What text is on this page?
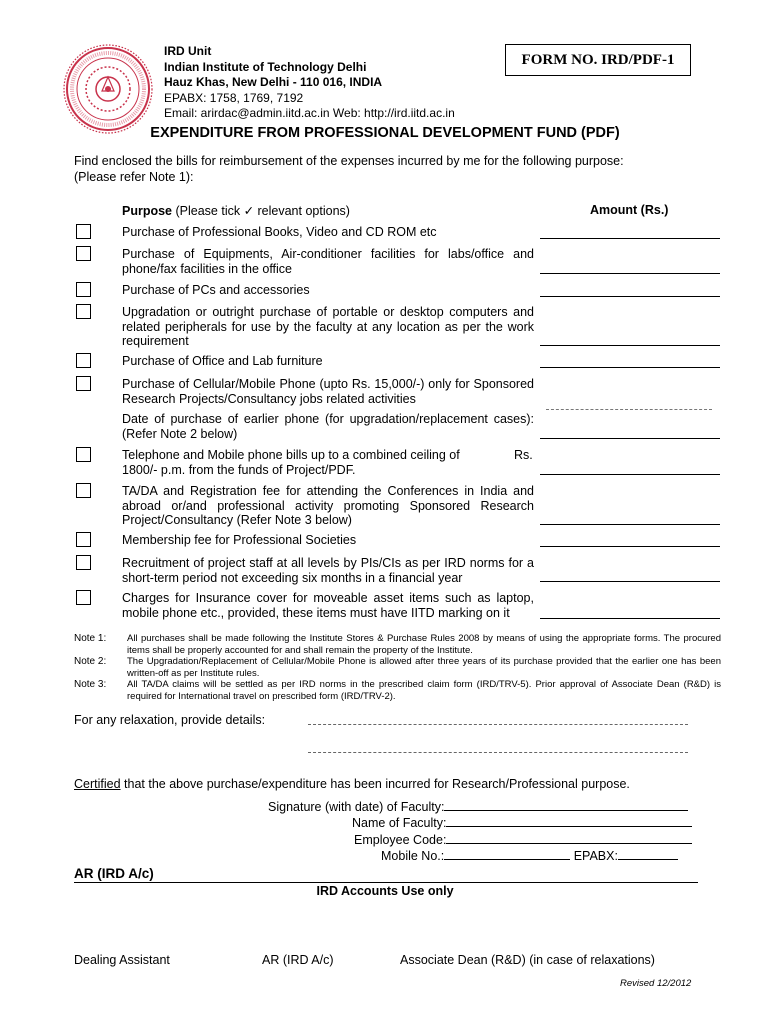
IRD Unit
Indian Institute of Technology Delhi
Hauz Khas, New Delhi - 110 016, INDIA
EPABX: 1758, 1769, 7192
Email: arirdac@admin.iitd.ac.in Web: http://ird.iitd.ac.in
FORM NO. IRD/PDF-1
EXPENDITURE FROM PROFESSIONAL DEVELOPMENT FUND (PDF)
Find enclosed the bills for reimbursement of the expenses incurred by me for the following purpose:
(Please refer Note 1):
Purpose (Please tick ✓ relevant options)	Amount (Rs.)
Purchase of Professional Books, Video and CD ROM etc
Purchase of Equipments, Air-conditioner facilities for labs/office and phone/fax facilities in the office
Purchase of PCs and accessories
Upgradation or outright purchase of portable or desktop computers and related peripherals for use by the faculty at any location as per the work requirement
Purchase of Office and Lab furniture
Purchase of Cellular/Mobile Phone (upto Rs. 15,000/-) only for Sponsored Research Projects/Consultancy jobs related activities
Date of purchase of earlier phone (for upgradation/replacement cases): (Refer Note 2 below)
Telephone and Mobile phone bills up to a combined ceiling of	Rs.
1800/- p.m. from the funds of Project/PDF.
TA/DA and Registration fee for attending the Conferences in India and abroad or/and professional activity promoting Sponsored Research Project/Consultancy (Refer Note 3 below)
Membership fee for Professional Societies
Recruitment of project staff at all levels by PIs/CIs as per IRD norms for a short-term period not exceeding six months in a financial year
Charges for Insurance cover for moveable asset items such as laptop, mobile phone etc., provided, these items must have IITD marking on it
Note 1: All purchases shall be made following the Institute Stores & Purchase Rules 2008 by means of using the appropriate forms. The procured items shall be properly accounted for and shall remain the property of the Institute.
Note 2: The Upgradation/Replacement of Cellular/Mobile Phone is allowed after three years of its purchase provided that the earlier one has been written-off as per Institute rules.
Note 3: All TA/DA claims will be settled as per IRD norms in the prescribed claim form (IRD/TRV-5). Prior approval of Associate Dean (R&D) is required for International travel on prescribed form (IRD/TRV-2).
For any relaxation, provide details:
Certified that the above purchase/expenditure has been incurred for Research/Professional purpose.
Signature (with date) of Faculty:
Name of Faculty:
Employee Code:
Mobile No.:	EPABX:
AR (IRD A/c)
IRD Accounts Use only
Dealing Assistant	AR (IRD A/c)	Associate Dean (R&D) (in case of relaxations)
Revised 12/2012
